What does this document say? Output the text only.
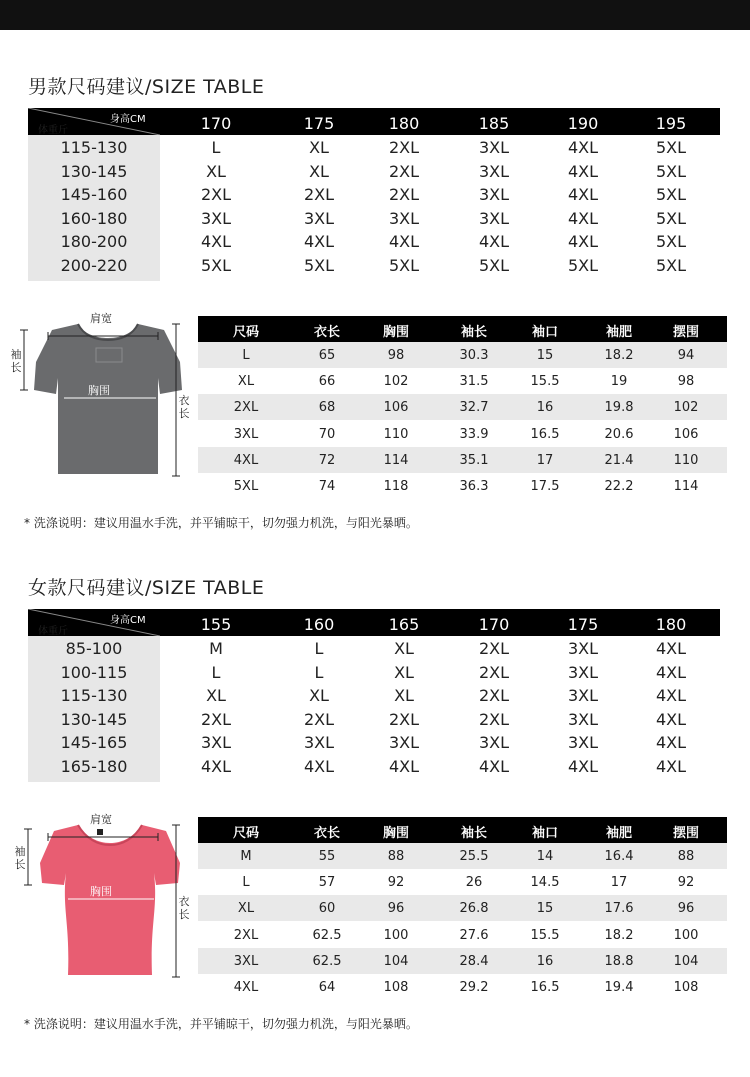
男款尺码建议/SIZE TABLE
身高CM
体重斤	170	175	180	185	190	195
115-130	L	XL	2XL	3XL	4XL	5XL
130-145	XL	XL	2XL	3XL	4XL	5XL
145-160	2XL	2XL	2XL	3XL	4XL	5XL
160-180	3XL	3XL	3XL	3XL	4XL	5XL
180-200	4XL	4XL	4XL	4XL	4XL	5XL
200-220	5XL	5XL	5XL	5XL	5XL	5XL
肩宽
袖长
胸围
衣长
尺码	衣长	胸围	袖长	袖口	袖肥	摆围
L	65	98	30.3	15	18.2	94
XL	66	102	31.5	15.5	19	98
2XL	68	106	32.7	16	19.8	102
3XL	70	110	33.9	16.5	20.6	106
4XL	72	114	35.1	17	21.4	110
5XL	74	118	36.3	17.5	22.2	114
* 洗涤说明：建议用温水手洗，并平铺晾干，切勿强力机洗，与阳光暴晒。
女款尺码建议/SIZE TABLE
身高CM
体重斤	155	160	165	170	175	180
85-100	M	L	XL	2XL	3XL	4XL
100-115	L	L	XL	2XL	3XL	4XL
115-130	XL	XL	XL	2XL	3XL	4XL
130-145	2XL	2XL	2XL	2XL	3XL	4XL
145-165	3XL	3XL	3XL	3XL	3XL	4XL
165-180	4XL	4XL	4XL	4XL	4XL	4XL
肩宽
袖长
胸围
衣长
尺码	衣长	胸围	袖长	袖口	袖肥	摆围
M	55	88	25.5	14	16.4	88
L	57	92	26	14.5	17	92
XL	60	96	26.8	15	17.6	96
2XL	62.5	100	27.6	15.5	18.2	100
3XL	62.5	104	28.4	16	18.8	104
4XL	64	108	29.2	16.5	19.4	108
* 洗涤说明：建议用温水手洗，并平铺晾干，切勿强力机洗，与阳光暴晒。
